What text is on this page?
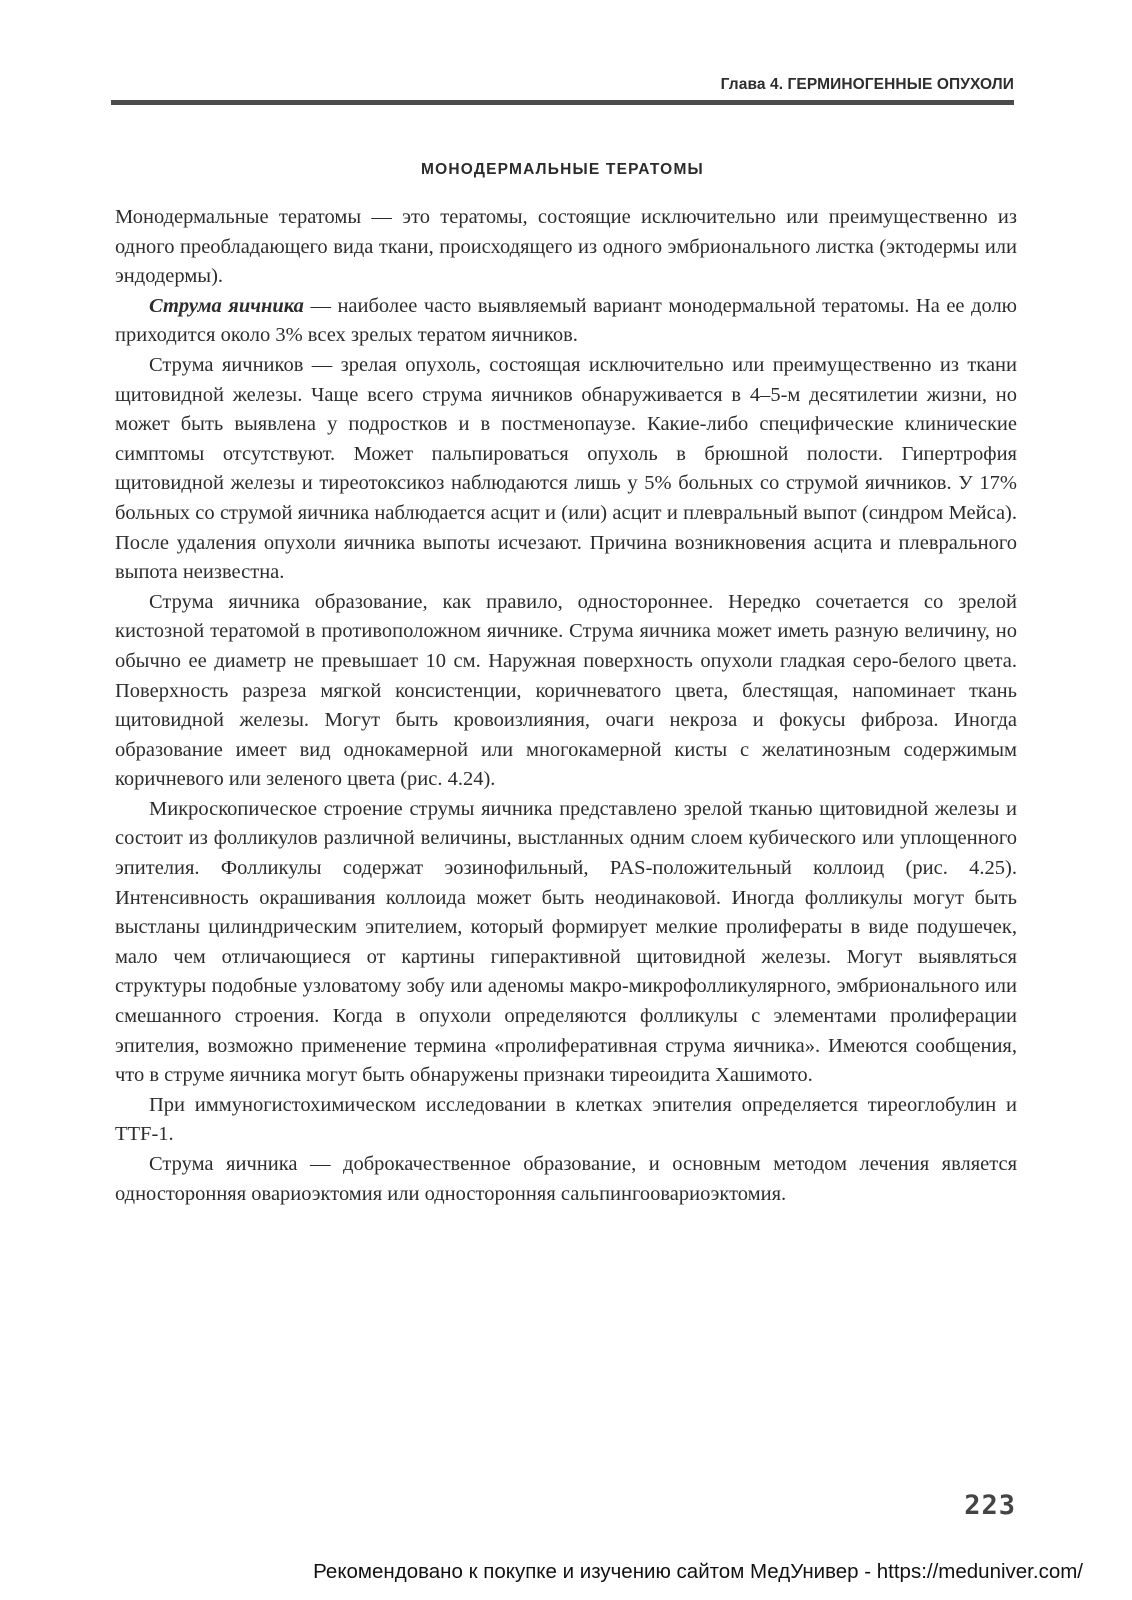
Глава 4. ГЕРМИНОГЕННЫЕ ОПУХОЛИ
МОНОДЕРМАЛЬНЫЕ ТЕРАТОМЫ

Монодермальные тератомы — это тератомы, состоящие исключительно или преимущественно из одного преобладающего вида ткани, происходящего из одного эмбрионального листка (эктодермы или эндодермы).

Струма яичника — наиболее часто выявляемый вариант монодермальной тератомы. На ее долю приходится около 3% всех зрелых тератом яичников.

Струма яичников — зрелая опухоль, состоящая исключительно или преимущественно из ткани щитовидной железы. Чаще всего струма яичников обнаруживается в 4–5-м десятилетии жизни, но может быть выявлена у подростков и в постменопаузе. Какие-либо специфические клинические симптомы отсутствуют. Может пальпироваться опухоль в брюшной полости. Гипертрофия щитовидной железы и тиреотоксикоз наблюдаются лишь у 5% больных со струмой яичников. У 17% больных со струмой яичника наблюдается асцит и (или) асцит и плевральный выпот (синдром Мейса). После удаления опухоли яичника выпоты исчезают. Причина возникновения асцита и плеврального выпота неизвестна.

Струма яичника образование, как правило, одностороннее. Нередко сочетается со зрелой кистозной тератомой в противоположном яичнике. Струма яичника может иметь разную величину, но обычно ее диаметр не превышает 10 см. Наружная поверхность опухоли гладкая серо-белого цвета. Поверхность разреза мягкой консистенции, коричневатого цвета, блестящая, напоминает ткань щитовидной железы. Могут быть кровоизлияния, очаги некроза и фокусы фиброза. Иногда образование имеет вид однокамерной или многокамерной кисты с желатинозным содержимым коричневого или зеленого цвета (рис. 4.24).

Микроскопическое строение струмы яичника представлено зрелой тканью щитовидной железы и состоит из фолликулов различной величины, выстланных одним слоем кубического или уплощенного эпителия. Фолликулы содержат эозинофильный, PAS-положительный коллоид (рис. 4.25). Интенсивность окрашивания коллоида может быть неодинаковой. Иногда фолликулы могут быть выстланы цилиндрическим эпителием, который формирует мелкие пролифераты в виде подушечек, мало чем отличающиеся от картины гиперактивной щитовидной железы. Могут выявляться структуры подобные узловатому зобу или аденомы макро-микрофолликулярного, эмбрионального или смешанного строения. Когда в опухоли определяются фолликулы с элементами пролиферации эпителия, возможно применение термина «пролиферативная струма яичника». Имеются сообщения, что в струме яичника могут быть обнаружены признаки тиреоидита Хашимото.

При иммуногистохимическом исследовании в клетках эпителия определяется тиреоглобулин и TTF-1.

Струма яичника — доброкачественное образование, и основным методом лечения является односторонняя овариоэктомия или односторонняя сальпингоовариоэктомия.

223
Рекомендовано к покупке и изучению сайтом МедУнивер - https://meduniver.com/
